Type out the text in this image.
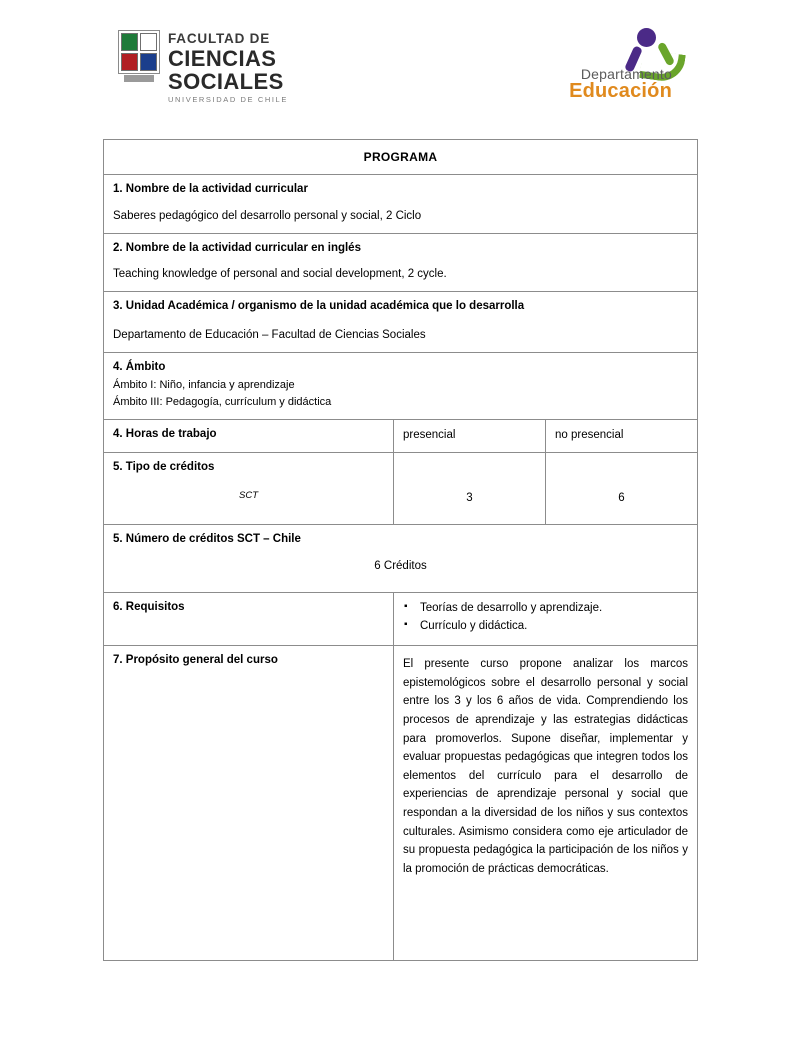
FACULTAD DE
CIENCIAS
SOCIALES
UNIVERSIDAD DE CHILE
Departamento
Educación
PROGRAMA		

1. Nombre de la actividad curricular

Saberes pedagógico del desarrollo personal y social, 2 Ciclo		

2. Nombre de la actividad curricular en inglés

Teaching knowledge of personal and social development, 2 cycle.		

3. Unidad Académica / organismo de la unidad académica que lo desarrolla

Departamento de Educación – Facultad de Ciencias Sociales		

4. Ámbito

Ámbito I: Niño, infancia y aprendizaje

Ámbito III: Pedagogía, currículum y didáctica		

4. Horas de trabajo	presencial	no presencial

5. Tipo de créditos

SCT	3	6

5. Número de créditos SCT – Chile

6 Créditos		

6. Requisitos

▪Teorías de desarrollo y aprendizaje.
▪ Currículo y didáctica.

7. Propósito general del curso	El presente curso propone analizar los marcos epistemológicos sobre el desarrollo personal y social entre los 3 y los 6 años de vida. Comprendiendo los procesos de aprendizaje y las estrategias didácticas para promoverlos. Supone diseñar, implementar y evaluar propuestas pedagógicas que integren todos los elementos del currículo para el desarrollo de experiencias de aprendizaje personal y social que respondan a la diversidad de los niños y sus contextos culturales. Asimismo considera como eje articulador de su propuesta pedagógica la participación de los niños y la promoción de prácticas democráticas.	
